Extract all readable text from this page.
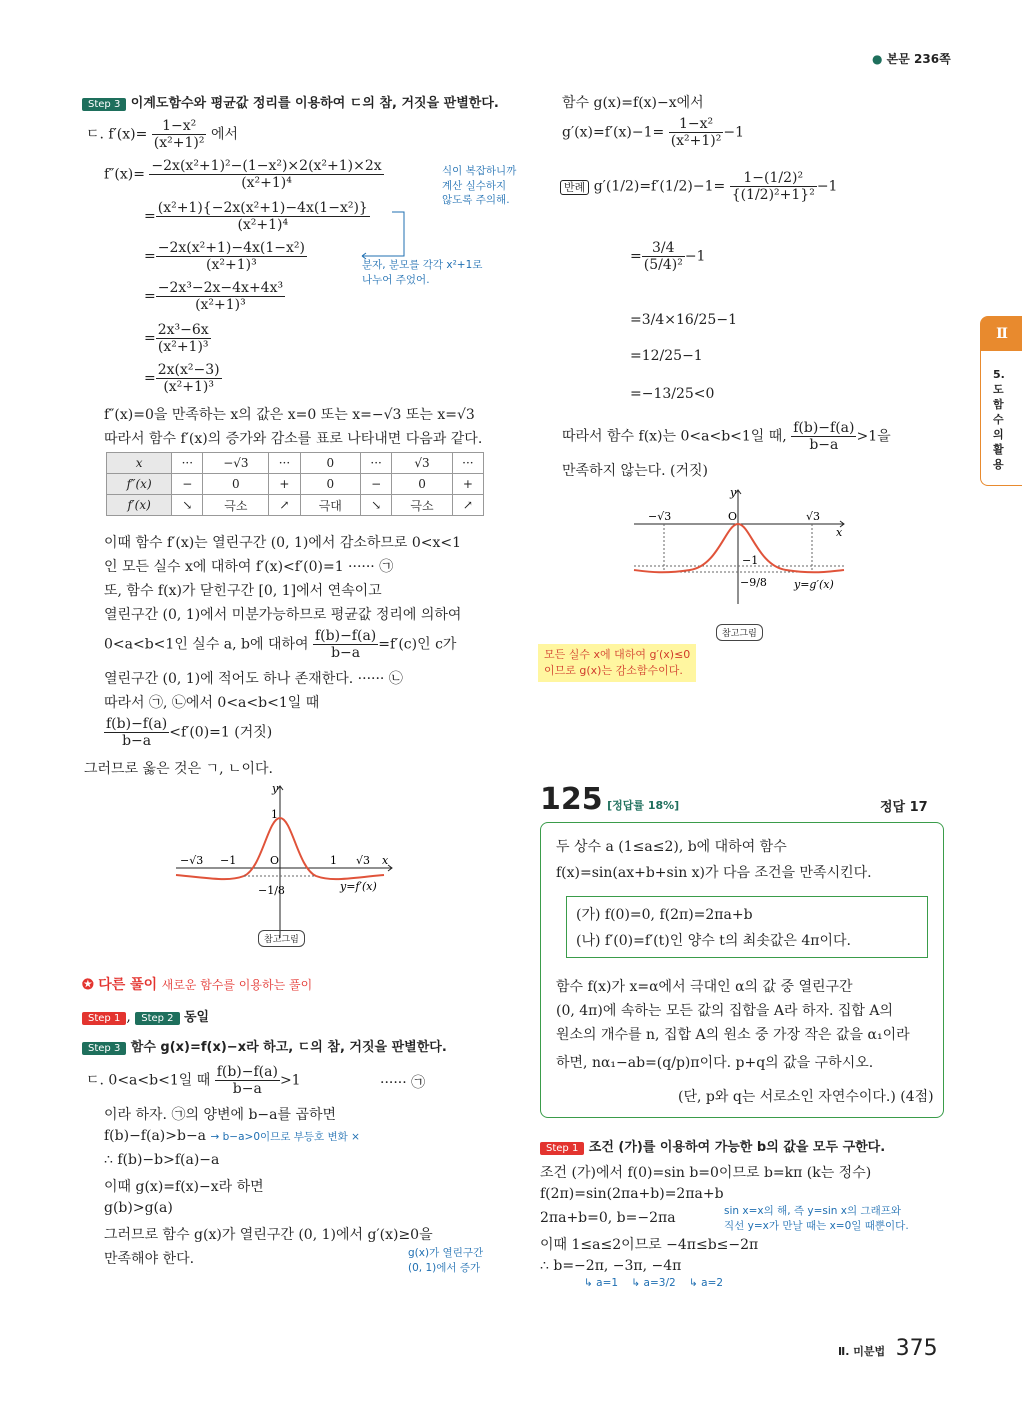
● 본문 236쪽
Ⅱ
5. 도함수의 활용
Step 3 이계도함수와 평균값 정리를 이용하여 ㄷ의 참, 거짓을 판별한다.
ㄷ. $f'(x)= \frac{\text{1−x²}}{\text{(x²+1)²}}$ 에서
$f''(x)= \frac{\text{−2x(x²+1)²−(1−x²)×2(x²+1)×2x}}{\text{(x²+1)⁴}}$	식이 복잡하니까
계산 실수하지
않도록 주의해.
= $\frac{\text{(x²+1)\{−2x(x²+1)−4x(1−x²)\}}}{\text{(x²+1)⁴}}$
= $\frac{\text{−2x(x²+1)−4x(1−x²)}}{\text{(x²+1)³}}$	분자, 분모를 각각 x²+1로
나누어 주었어.
= $\frac{\text{−2x³−2x−4x+4x³}}{\text{(x²+1)³}}$
= $\frac{\text{2x³−6x}}{\text{(x²+1)³}}$
= $\frac{\text{2x(x²−3)}}{\text{(x²+1)³}}$
f″(x)=0을 만족하는 x의 값은 x=0 또는 x=−√3 또는 x=√3
따라서 함수 f′(x)의 증가와 감소를 표로 나타내면 다음과 같다.
x	···	−√3	···	0	···	√3	···
f″(x)	−	0	+	0	−	0	+
f′(x)	↘	극소	↗	극대	↘	극소	↗
이때 함수 f′(x)는 열린구간 (0, 1)에서 감소하므로 0<x<1
인 모든 실수 x에 대하여 f′(x)<f′(0)=1 ······ ㉠
또, 함수 f(x)가 닫힌구간 [0, 1]에서 연속이고
열린구간 (0, 1)에서 미분가능하므로 평균값 정리에 의하여
0<a<b<1인 실수 a, b에 대하여 $\frac{f(b)-f(a)}{b-a} =f'(c)$인 c가
열린구간 (0, 1)에 적어도 하나 존재한다. ······ ㉡
따라서 ㉠, ㉡에서 0<a<b<1일 때
$\frac{f(b)-f(a)}{b-a} <f'(0)=1$ (거짓)
그러므로 옳은 것은 ㄱ, ㄴ이다.
y
x
1
−√3 −1	O	1 √3
−1/8	y=f′(x)
참고그림
✪ 다른 풀이 새로운 함수를 이용하는 풀이
Step 1 , Step 2 동일
Step 3 함수 g(x)=f(x)−x라 하고, ㄷ의 참, 거짓을 판별한다.
ㄷ. 0<a<b<1일 때 $\frac{f(b)-f(a)}{b-a} >1$	······ ㉠
이라 하자. ㉠의 양변에 b−a를 곱하면
f(b)−f(a)>b−a → b−a>0이므로 부등호 변화 ×
∴ f(b)−b>f(a)−a
이때 g(x)=f(x)−x라 하면
g(b)>g(a)
그러므로 함수 g(x)가 열린구간 (0, 1)에서 g′(x)≥0을
만족해야 한다.	g(x)가 열린구간
(0, 1)에서 증가
함수 g(x)=f(x)−x에서
$g'(x)=f'(x)-1= \frac{\text{1−x²}}{\text{(x²+1)²}} -1$
반례 $g'(1/2)=f'(1/2)-1= \frac{\text{1−(1/2)²}}{\text{\{(1/2)²+1\}²}} -1$
= $\frac{3/4}{\text{(5/4)²}} -1$
=3/4×16/25−1
=12/25−1
=−13/25<0
따라서 함수 f(x)는 0<a<b<1일 때, $\frac{f(b)-f(a)}{b-a} >1$을
만족하지 않는다. (거짓)
y
x
O
−√3	√3
−1
−9/8 y=g′(x)
참고그림
모든 실수 x에 대하여 g′(x)≤0
이므로 g(x)는 감소함수이다.
125 [정답률 18%]	정답 17
두 상수 a (1≤a≤2), b에 대하여 함수
f(x)=sin(ax+b+sin x)가 다음 조건을 만족시킨다.
(가) f(0)=0, f(2π)=2πa+b
(나) f′(0)=f′(t)인 양수 t의 최솟값은 4π이다.
함수 f(x)가 x=α에서 극대인 α의 값 중 열린구간
(0, 4π)에 속하는 모든 값의 집합을 A라 하자. 집합 A의
원소의 개수를 n, 집합 A의 원소 중 가장 작은 값을 α₁이라
하면, nα₁−ab=(q/p)π이다. p+q의 값을 구하시오.
(단, p와 q는 서로소인 자연수이다.) (4점)
Step 1 조건 (가)를 이용하여 가능한 b의 값을 모두 구한다.
조건 (가)에서 f(0)=sin b=0이므로 b=kπ (k는 정수)
f(2π)=sin(2πa+b)=2πa+b
2πa+b=0, b=−2πa	sin x=x의 해, 즉 y=sin x의 그래프와
직선 y=x가 만날 때는 x=0일 때뿐이다.
이때 1≤a≤2이므로 −4π≤b≤−2π
∴ b=−2π, −3π, −4π
↳ a=1 ↳ a=3/2 ↳ a=2
Ⅱ. 미분법 375
